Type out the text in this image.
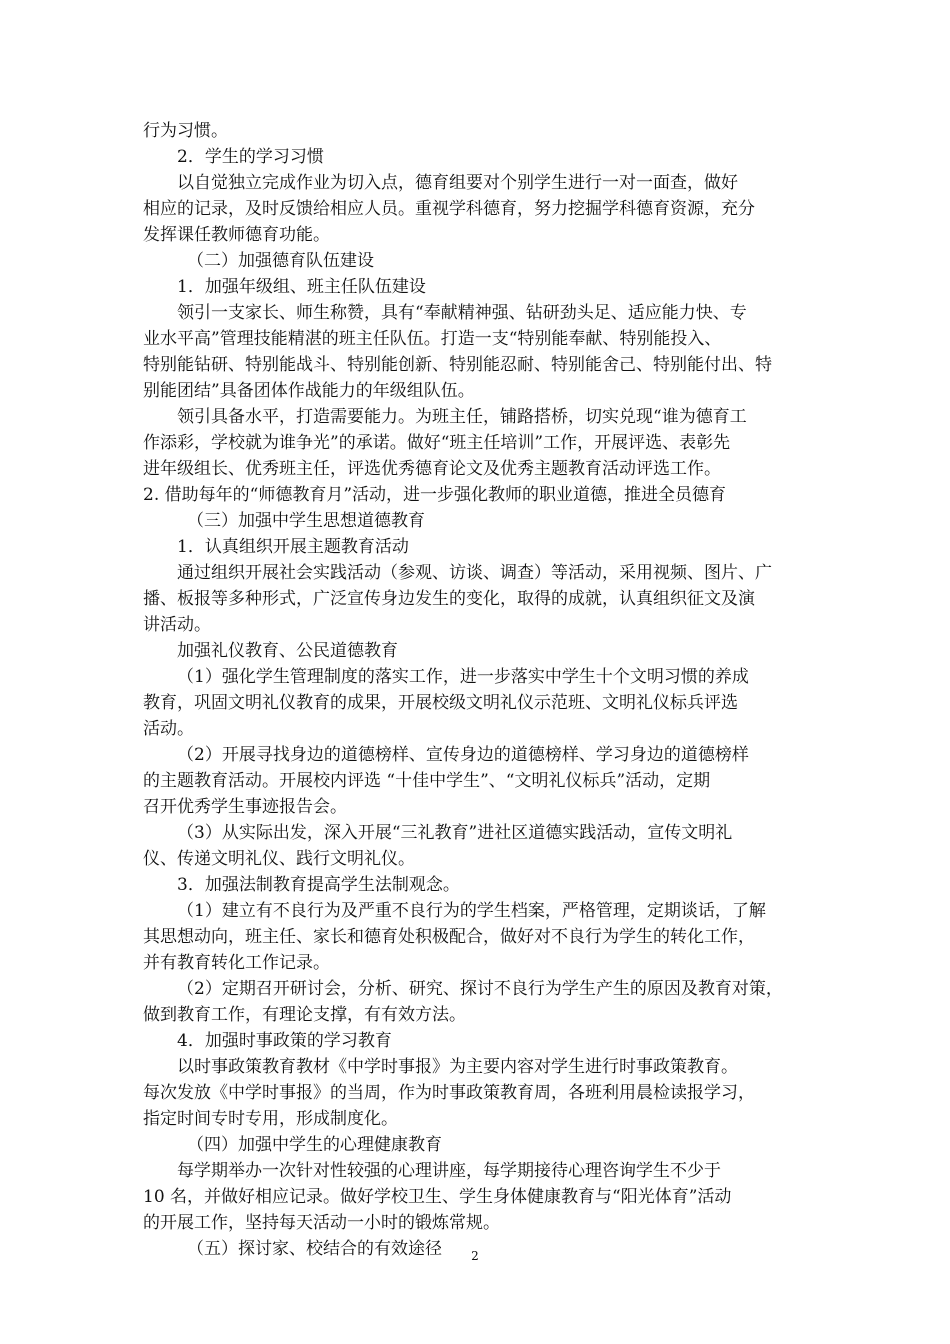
行为习惯。
2．学生的学习习惯
以自觉独立完成作业为切入点，德育组要对个别学生进行一对一面查，做好
相应的记录，及时反馈给相应人员。重视学科德育，努力挖掘学科德育资源，充分
发挥课任教师德育功能。
（二）加强德育队伍建设
1．加强年级组、班主任队伍建设
领引一支家长、师生称赞，具有“奉献精神强、钻研劲头足、适应能力快、专
业水平高”管理技能精湛的班主任队伍。打造一支“特别能奉献、特别能投入、
特别能钻研、特别能战斗、特别能创新、特别能忍耐、特别能舍己、特别能付出、特
别能团结”具备团体作战能力的年级组队伍。
领引具备水平，打造需要能力。为班主任，铺路搭桥，切实兑现“谁为德育工
作添彩，学校就为谁争光”的承诺。做好“班主任培训”工作，开展评选、表彰先
进年级组长、优秀班主任，评选优秀德育论文及优秀主题教育活动评选工作。
2. 借助每年的“师德教育月”活动，进一步强化教师的职业道德，推进全员德育
（三）加强中学生思想道德教育
1．认真组织开展主题教育活动
通过组织开展社会实践活动（参观、访谈、调查）等活动，采用视频、图片、广
播、板报等多种形式，广泛宣传身边发生的变化，取得的成就，认真组织征文及演
讲活动。
加强礼仪教育、公民道德教育
（1）强化学生管理制度的落实工作，进一步落实中学生十个文明习惯的养成
教育，巩固文明礼仪教育的成果，开展校级文明礼仪示范班、文明礼仪标兵评选
活动。
（2）开展寻找身边的道德榜样、宣传身边的道德榜样、学习身边的道德榜样
的主题教育活动。开展校内评选 “十佳中学生”、“文明礼仪标兵”活动，定期
召开优秀学生事迹报告会。
（3）从实际出发，深入开展“三礼教育”进社区道德实践活动，宣传文明礼
仪、传递文明礼仪、践行文明礼仪。
3．加强法制教育提高学生法制观念。
（1）建立有不良行为及严重不良行为的学生档案，严格管理，定期谈话，了解
其思想动向，班主任、家长和德育处积极配合，做好对不良行为学生的转化工作，
并有教育转化工作记录。
（2）定期召开研讨会，分析、研究、探讨不良行为学生产生的原因及教育对策，
做到教育工作，有理论支撑，有有效方法。
4．加强时事政策的学习教育
以时事政策教育教材《中学时事报》为主要内容对学生进行时事政策教育。
每次发放《中学时事报》的当周，作为时事政策教育周，各班利用晨检读报学习，
指定时间专时专用，形成制度化。
（四）加强中学生的心理健康教育
每学期举办一次针对性较强的心理讲座，每学期接待心理咨询学生不少于
10 名，并做好相应记录。做好学校卫生、学生身体健康教育与“阳光体育”活动
的开展工作，坚持每天活动一小时的锻炼常规。
（五）探讨家、校结合的有效途径	2
